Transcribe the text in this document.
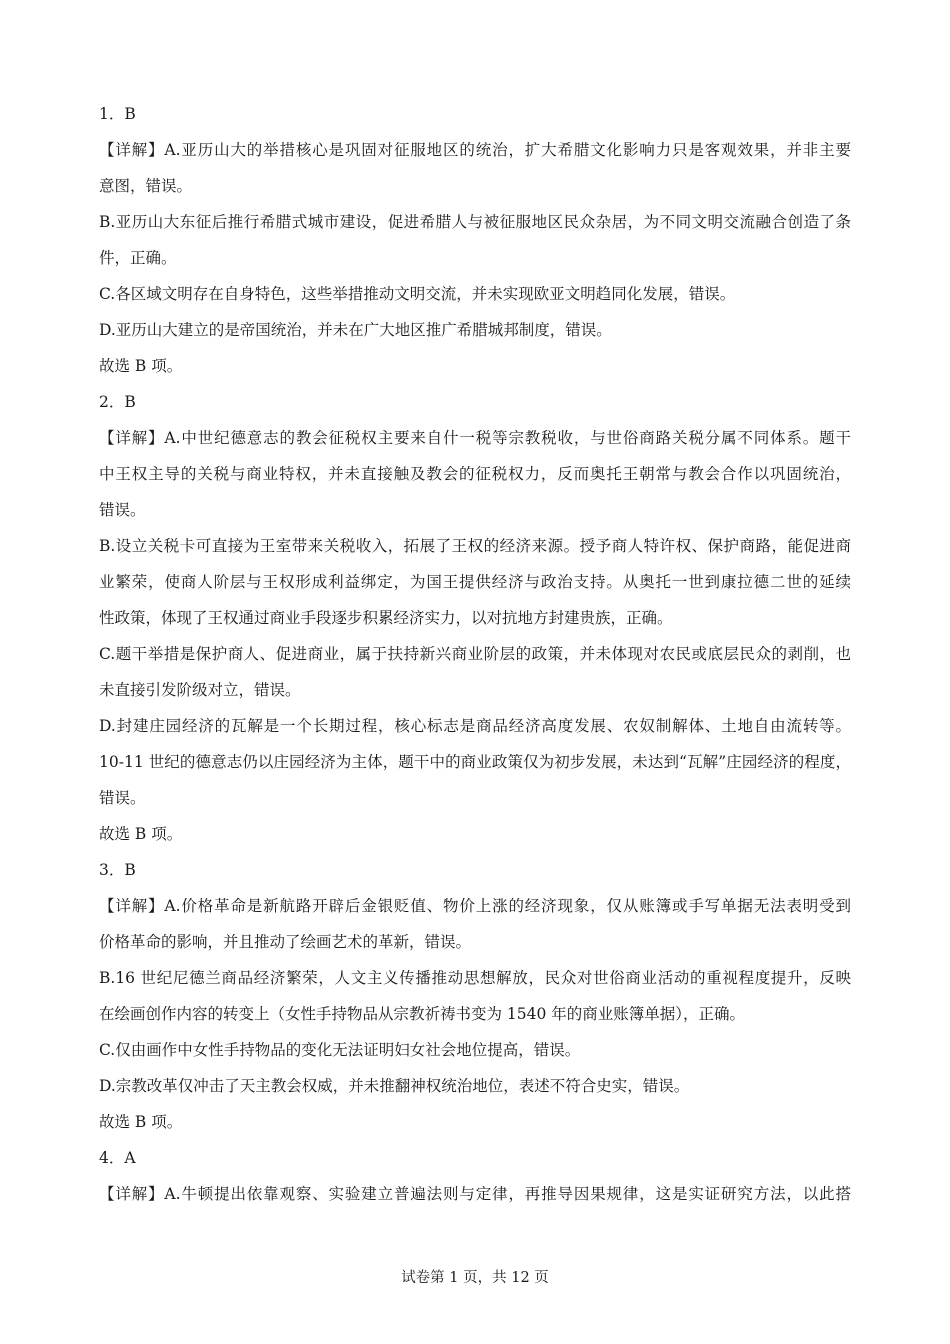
1．B
【详解】A.亚历山大的举措核心是巩固对征服地区的统治，扩大希腊文化影响力只是客观效果，并非主要
意图，错误。
B.亚历山大东征后推行希腊式城市建设，促进希腊人与被征服地区民众杂居，为不同文明交流融合创造了条
件，正确。
C.各区域文明存在自身特色，这些举措推动文明交流，并未实现欧亚文明趋同化发展，错误。
D.亚历山大建立的是帝国统治，并未在广大地区推广希腊城邦制度，错误。
故选 B 项。
2．B
【详解】A.中世纪德意志的教会征税权主要来自什一税等宗教税收，与世俗商路关税分属不同体系。题干
中王权主导的关税与商业特权，并未直接触及教会的征税权力，反而奥托王朝常与教会合作以巩固统治，
错误。
B.设立关税卡可直接为王室带来关税收入，拓展了王权的经济来源。授予商人特许权、保护商路，能促进商
业繁荣，使商人阶层与王权形成利益绑定，为国王提供经济与政治支持。从奥托一世到康拉德二世的延续
性政策，体现了王权通过商业手段逐步积累经济实力，以对抗地方封建贵族，正确。
C.题干举措是保护商人、促进商业，属于扶持新兴商业阶层的政策，并未体现对农民或底层民众的剥削，也
未直接引发阶级对立，错误。
D.封建庄园经济的瓦解是一个长期过程，核心标志是商品经济高度发展、农奴制解体、土地自由流转等。
10-11 世纪的德意志仍以庄园经济为主体，题干中的商业政策仅为初步发展，未达到“瓦解”庄园经济的程度，
错误。
故选 B 项。
3．B
【详解】A.价格革命是新航路开辟后金银贬值、物价上涨的经济现象，仅从账簿或手写单据无法表明受到
价格革命的影响，并且推动了绘画艺术的革新，错误。
B.16 世纪尼德兰商品经济繁荣，人文主义传播推动思想解放，民众对世俗商业活动的重视程度提升，反映
在绘画创作内容的转变上（女性手持物品从宗教祈祷书变为 1540 年的商业账簿单据），正确。
C.仅由画作中女性手持物品的变化无法证明妇女社会地位提高，错误。
D.宗教改革仅冲击了天主教会权威，并未推翻神权统治地位，表述不符合史实，错误。
故选 B 项。
4．A
【详解】A.牛顿提出依靠观察、实验建立普遍法则与定律，再推导因果规律，这是实证研究方法，以此搭
试卷第 1 页，共 12 页
